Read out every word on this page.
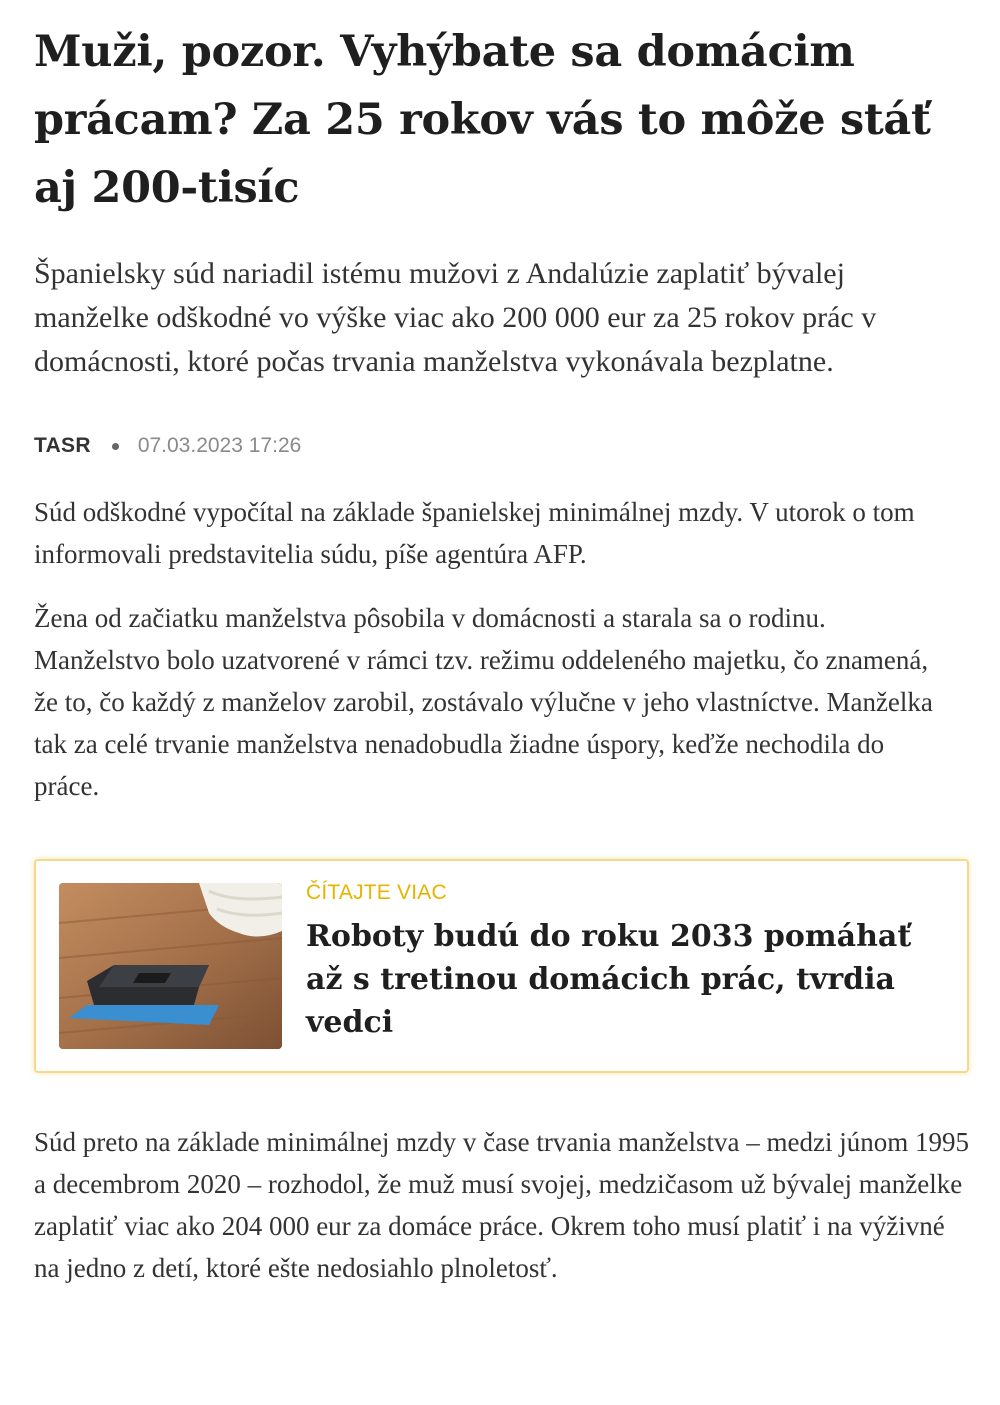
Muži, pozor. Vyhýbate sa domácim prácam? Za 25 rokov vás to môže stáť aj 200-tisíc

Španielsky súd nariadil istému mužovi z Andalúzie zaplatiť bývalej manželke odškodné vo výške viac ako 200 000 eur za 25 rokov prác v domácnosti, ktoré počas trvania manželstva vykonávala bezplatne.

TASR 07.03.2023 17:26

Súd odškodné vypočítal na základe španielskej minimálnej mzdy. V utorok o tom informovali predstavitelia súdu, píše agentúra AFP.

Žena od začiatku manželstva pôsobila v domácnosti a starala sa o rodinu. Manželstvo bolo uzatvorené v rámci tzv. režimu oddeleného majetku, čo znamená, že to, čo každý z manželov zarobil, zostávalo výlučne v jeho vlastníctve. Manželka tak za celé trvanie manželstva nenadobudla žiadne úspory, keďže nechodila do práce.

ČÍTAJTE VIAC
Roboty budú do roku 2033 pomáhať až s tretinou domácich prác, tvrdia vedci

Súd preto na základe minimálnej mzdy v čase trvania manželstva – medzi júnom 1995 a decembrom 2020 – rozhodol, že muž musí svojej, medzičasom už bývalej manželke zaplatiť viac ako 204 000 eur za domáce práce. Okrem toho musí platiť i na výživné na jedno z detí, ktoré ešte nedosiahlo plnoletosť.
